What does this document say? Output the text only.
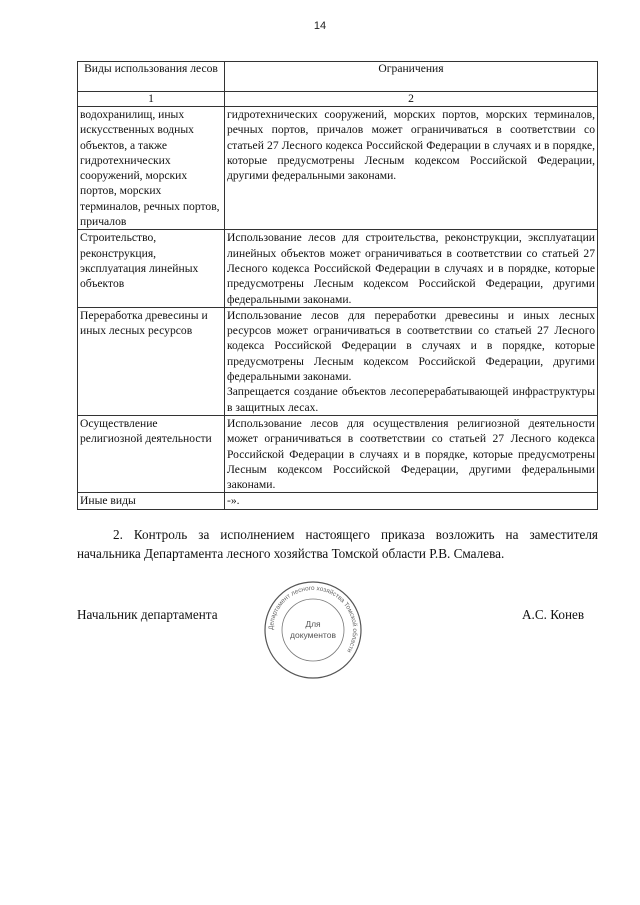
14
Виды использования лесов	Ограничения
1	2
водохранилищ, иных искусственных водных объектов, а также гидротехнических сооружений, морских портов, морских терминалов, речных портов, причалов	гидротехнических сооружений, морских портов, морских терминалов, речных портов, причалов может ограничиваться в соответствии со статьей 27 Лесного кодекса Российской Федерации в случаях и в порядке, которые предусмотрены Лесным кодексом Российской Федерации, другими федеральными законами.

Строительство, реконструкция, эксплуатация линейных объектов	Использование лесов для строительства, реконструкции, эксплуатации линейных объектов может ограничиваться в соответствии со статьей 27 Лесного кодекса Российской Федерации в случаях и в порядке, которые предусмотрены Лесным кодексом Российской Федерации, другими федеральными законами.

Переработка древесины и иных лесных ресурсов	Использование лесов для переработки древесины и иных лесных ресурсов может ограничиваться в соответствии со статьей 27 Лесного кодекса Российской Федерации в случаях и в порядке, которые предусмотрены Лесным кодексом Российской Федерации, другими федеральными законами.
Запрещается создание объектов лесоперерабатывающей инфраструктуры в защитных лесах.

Осуществление религиозной деятельности	Использование лесов для осуществления религиозной деятельности может ограничиваться в соответствии со статьей 27 Лесного кодекса Российской Федерации в случаях и в порядке, которые предусмотрены Лесным кодексом Российской Федерации, другими федеральными законами.

Иные виды	-».
2. Контроль за исполнением настоящего приказа возложить на заместителя начальника Департамента лесного хозяйства Томской области Р.В. Смалева.
Начальник департамента
Департамент лесного хозяйства Томской области
Для
документов
А.С. Конев
